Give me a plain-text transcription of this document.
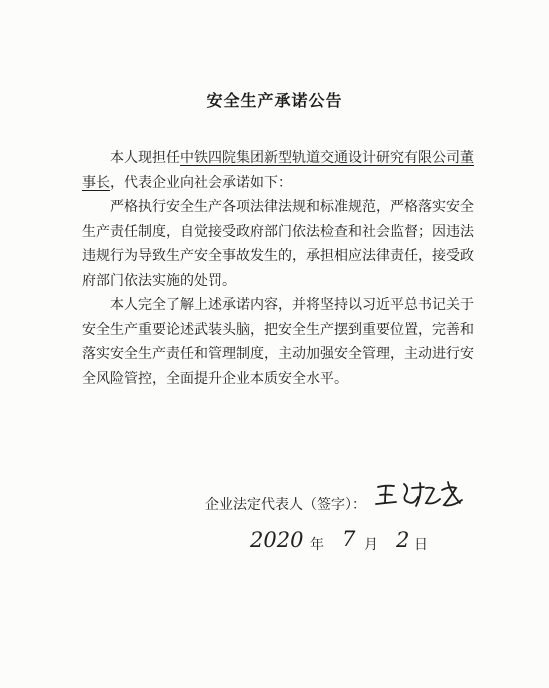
安全生产承诺公告

本人现担任中铁四院集团新型轨道交通设计研究有限公司董事长，代表企业向社会承诺如下：

严格执行安全生产各项法律法规和标准规范，严格落实安全生产责任制度，自觉接受政府部门依法检查和社会监督；因违法违规行为导致生产安全事故发生的，承担相应法律责任，接受政府部门依法实施的处罚。

本人完全了解上述承诺内容，并将坚持以习近平总书记关于安全生产重要论述武装头脑，把安全生产摆到重要位置，完善和落实安全生产责任和管理制度，主动加强安全管理，主动进行安全风险管控，全面提升企业本质安全水平。

企业法定代表人（签字）：
2020 年 7 月 2 日
